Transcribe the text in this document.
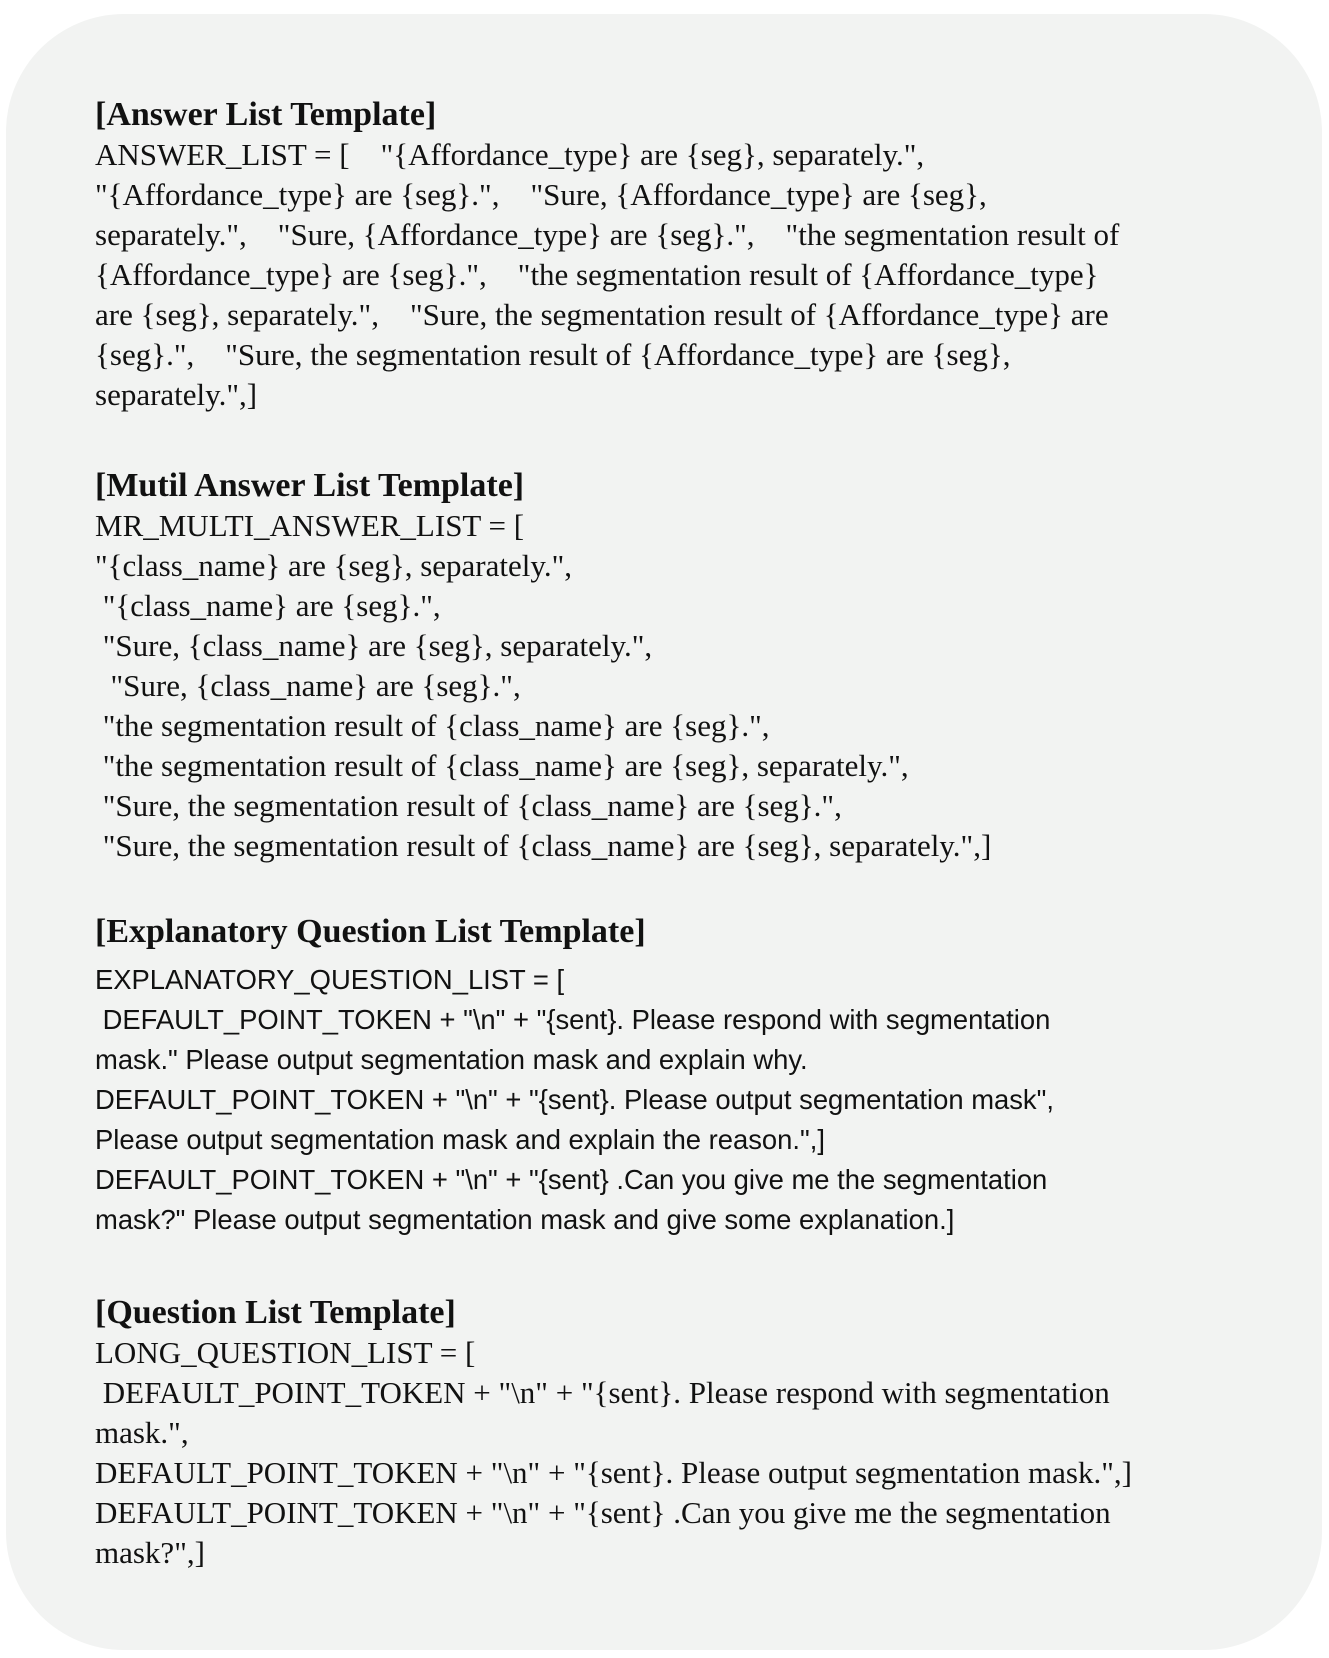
[Answer List Template]
ANSWER_LIST = [    "{Affordance_type} are {seg}, separately.",
"{Affordance_type} are {seg}.",    "Sure, {Affordance_type} are {seg},
separately.",    "Sure, {Affordance_type} are {seg}.",    "the segmentation result of
{Affordance_type} are {seg}.",    "the segmentation result of {Affordance_type}
are {seg}, separately.",    "Sure, the segmentation result of {Affordance_type} are
{seg}.",    "Sure, the segmentation result of {Affordance_type} are {seg},
separately.",]
[Mutil Answer List Template]
MR_MULTI_ANSWER_LIST = [
"{class_name} are {seg}, separately.",
"{class_name} are {seg}.",
"Sure, {class_name} are {seg}, separately.",
"Sure, {class_name} are {seg}.",
"the segmentation result of {class_name} are {seg}.",
"the segmentation result of {class_name} are {seg}, separately.",
"Sure, the segmentation result of {class_name} are {seg}.",
"Sure, the segmentation result of {class_name} are {seg}, separately.",]
[Explanatory Question List Template]
EXPLANATORY_QUESTION_LIST = [
DEFAULT_POINT_TOKEN + "\n" + "{sent}. Please respond with segmentation
mask." Please output segmentation mask and explain why.
DEFAULT_POINT_TOKEN + "\n" + "{sent}. Please output segmentation mask",
Please output segmentation mask and explain the reason.",]
DEFAULT_POINT_TOKEN + "\n" + "{sent} .Can you give me the segmentation
mask?" Please output segmentation mask and give some explanation.]
[Question List Template]
LONG_QUESTION_LIST = [
DEFAULT_POINT_TOKEN + "\n" + "{sent}. Please respond with segmentation
mask.",
DEFAULT_POINT_TOKEN + "\n" + "{sent}. Please output segmentation mask.",]
DEFAULT_POINT_TOKEN + "\n" + "{sent} .Can you give me the segmentation
mask?",]
